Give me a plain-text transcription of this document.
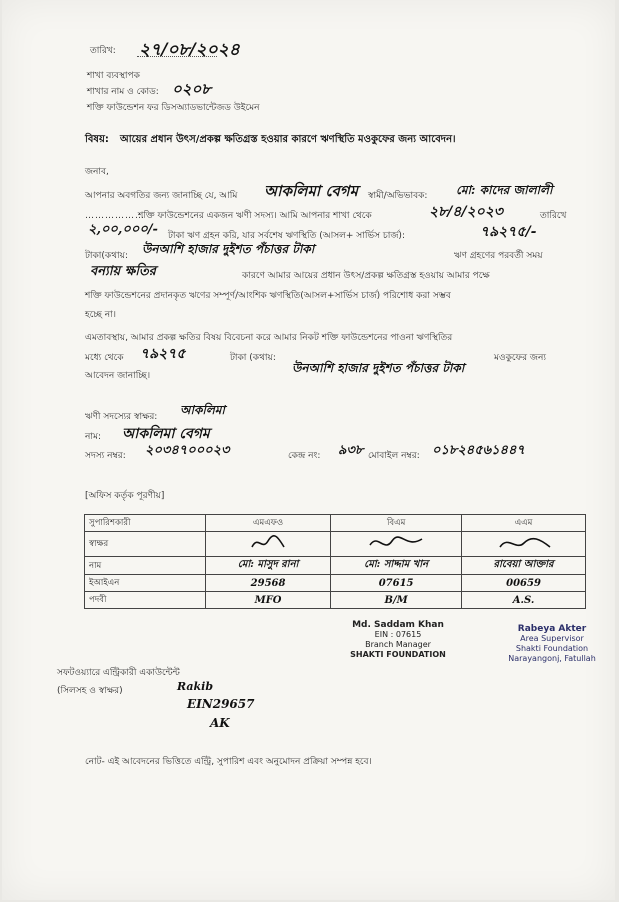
তারিখ: ২৭/০৮/২০২৪
শাখা ব্যবস্থাপক
শাখার নাম ও কোড: ০২০৮
শক্তি ফাউন্ডেশন ফর ডিসঅ্যাডভান্টেজড উইমেন
বিষয়: আয়ের প্রধান উৎস/প্রকল্প ক্ষতিগ্রস্ত হওয়ার কারণে ঋণস্থিতি মওকুফের জন্য আবেদন।
জনাব,
আপনার অবগতির জন্য জানাচ্ছি যে, আমি আকলিমা বেগম স্বামী/অভিভাবক: মো: কাদের জালালী
………………
শক্তি ফাউন্ডেশনের একজন ঋণী সদস্য। আমি আপনার শাখা থেকে	২৮/৪/২০২৩	তারিখে
২,০০,০০০/- টাকা ঋণ গ্রহন করি, যার সর্বশেষ ঋণস্থিতি (আসল+ সার্ভিস চার্জ):	৭৯২৭৫/-
টাকা(কথায়: উনআশি হাজার দুইশত পঁচাত্তর টাকা	ঋণ গ্রহণের পরবর্তী সময়
বন্যায় ক্ষতির	কারণে আমার আয়ের প্রধান উৎস/প্রকল্প ক্ষতিগ্রস্ত হওয়ায় আমার পক্ষে
শক্তি ফাউন্ডেশনের প্রদানকৃত ঋণের সম্পূর্ণ/আংশিক ঋণস্থিতি(আসল+সার্ভিস চার্জ) পরিশোধ করা সম্ভব
হচ্ছে না।
এমতাবস্থায়, আমার প্রকল্প ক্ষতির বিষয় বিবেচনা করে আমার নিকট শক্তি ফাউন্ডেশনের পাওনা ঋণস্থিতির
মধ্যে থেকে ৭৯২৭৫	টাকা (কথায়:
উনআশি হাজার দুইশত পঁচাত্তর টাকা
মওকুফের জন্য
আবেদন জানাচ্ছি।
ঋণী সদস্যের স্বাক্ষর: আকলিমা
নাম: আকলিমা বেগম
সদস্য নম্বর: ২০৩৪৭০০০২৩	কেন্দ্র নং: ৯৩৮ মোবাইল নম্বর: ০১৮২৪৫৬১৪৪৭
[অফিস কর্তৃক পূরণীয়]
সুপারিশকারী	এমএফও	বিএম	এএম
স্বাক্ষর			
নাম	মো: মাসুদ রানা	মো: সাদ্দাম খান	রাবেয়া আক্তার
ইআইএন	29568	07615	00659
পদবী	MFO	B/M	A.S.
Md. Saddam Khan
EIN : 07615
Branch Manager
SHAKTI FOUNDATION
Rabeya Akter
Area Supervisor
Shakti Foundation
Narayangonj, Fatullah
সফটওয়্যারে এন্ট্রিকারী একাউন্টেন্ট
(সিলসহ ও স্বাক্ষর)	Rakib
EIN29657
AK
নোট- এই আবেদনের ভিত্তিতে এন্ট্রি, সুপারিশ এবং অনুমোদন প্রক্রিয়া সম্পন্ন হবে।
